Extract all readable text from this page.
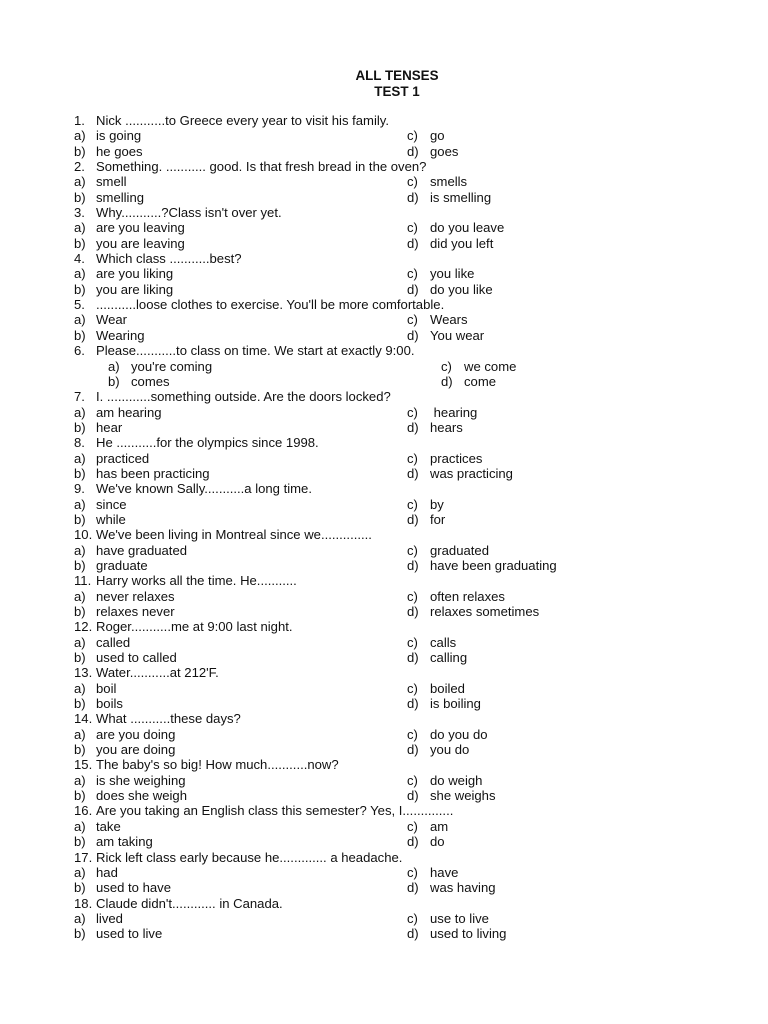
ALL TENSES
TEST 1
1. Nick ...........to Greece every year to visit his family.
a) is going	c) go
b) he goes	d) goes
2. Something. ........... good. Is that fresh bread in the oven?
a) smell	c) smells
b) smelling	d) is smelling
3. Why...........?Class isn't over yet.
a) are you leaving	c) do you leave
b) you are leaving	d) did you left
4. Which class ...........best?
a) are you liking	c) you like
b) you are liking	d) do you like
5. ...........loose clothes to exercise. You'll be more comfortable.
a) Wear	c) Wears
b) Wearing	d) You wear
6. Please...........to class on time. We start at exactly 9:00.
a) you're coming	c) we come
b) comes	d) come
7. I. ............something outside. Are the doors locked?
a) am hearing	c) hearing
b) hear	d) hears
8. He ...........for the olympics since 1998.
a) practiced	c) practices
b) has been practicing	d) was practicing
9. We've known Sally...........a long time.
a) since	c) by
b) while	d) for
10. We've been living in Montreal since we..............
a) have graduated	c) graduated
b) graduate	d) have been graduating
11. Harry works all the time. He...........
a) never relaxes	c) often relaxes
b) relaxes never	d) relaxes sometimes
12. Roger...........me at 9:00 last night.
a) called	c) calls
b) used to called	d) calling
13. Water...........at 212'F.
a) boil	c) boiled
b) boils	d) is boiling
14. What ...........these days?
a) are you doing	c) do you do
b) you are doing	d) you do
15. The baby's so big! How much...........now?
a) is she weighing	c) do weigh
b) does she weigh	d) she weighs
16. Are you taking an English class this semester? Yes, I..............
a) take	c) am
b) am taking	d) do
17. Rick left class early because he............. a headache.
a) had	c) have
b) used to have	d) was having
18. Claude didn't............ in Canada.
a) lived	c) use to live
b) used to live	d) used to living
